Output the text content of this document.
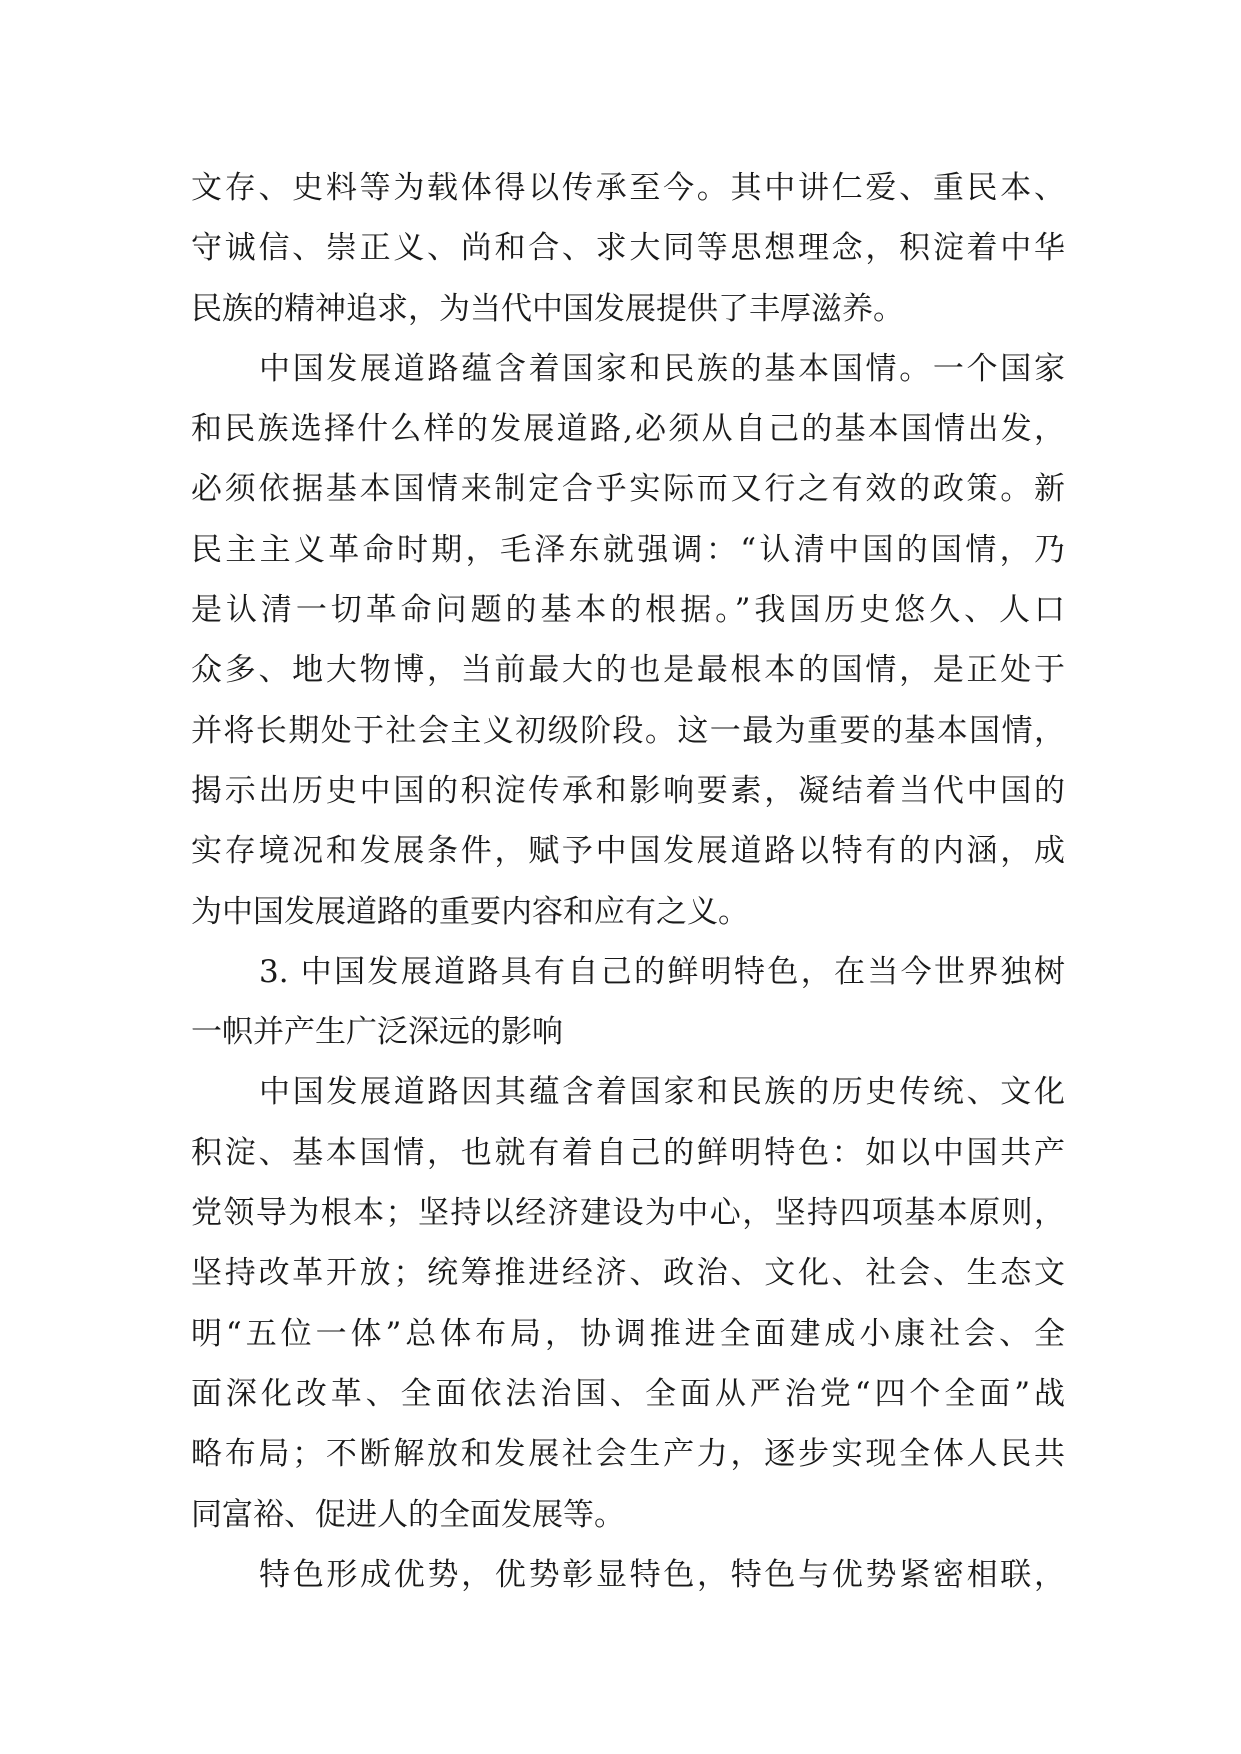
文存、史料等为载体得以传承至今。其中讲仁爱、重民本、
守诚信、崇正义、尚和合、求大同等思想理念，积淀着中华
民族的精神追求，为当代中国发展提供了丰厚滋养。
中国发展道路蕴含着国家和民族的基本国情。一个国家
和民族选择什么样的发展道路,必须从自己的基本国情出发，
必须依据基本国情来制定合乎实际而又行之有效的政策。新
民主主义革命时期，毛泽东就强调：“认清中国的国情，乃
是认清一切革命问题的基本的根据。”我国历史悠久、人口
众多、地大物博，当前最大的也是最根本的国情，是正处于
并将长期处于社会主义初级阶段。这一最为重要的基本国情，
揭示出历史中国的积淀传承和影响要素，凝结着当代中国的
实存境况和发展条件，赋予中国发展道路以特有的内涵，成
为中国发展道路的重要内容和应有之义。
3. 中国发展道路具有自己的鲜明特色，在当今世界独树
一帜并产生广泛深远的影响
中国发展道路因其蕴含着国家和民族的历史传统、文化
积淀、基本国情，也就有着自己的鲜明特色：如以中国共产
党领导为根本；坚持以经济建设为中心，坚持四项基本原则，
坚持改革开放；统筹推进经济、政治、文化、社会、生态文
明“五位一体”总体布局，协调推进全面建成小康社会、全
面深化改革、全面依法治国、全面从严治党“四个全面”战
略布局；不断解放和发展社会生产力，逐步实现全体人民共
同富裕、促进人的全面发展等。
特色形成优势，优势彰显特色，特色与优势紧密相联，
